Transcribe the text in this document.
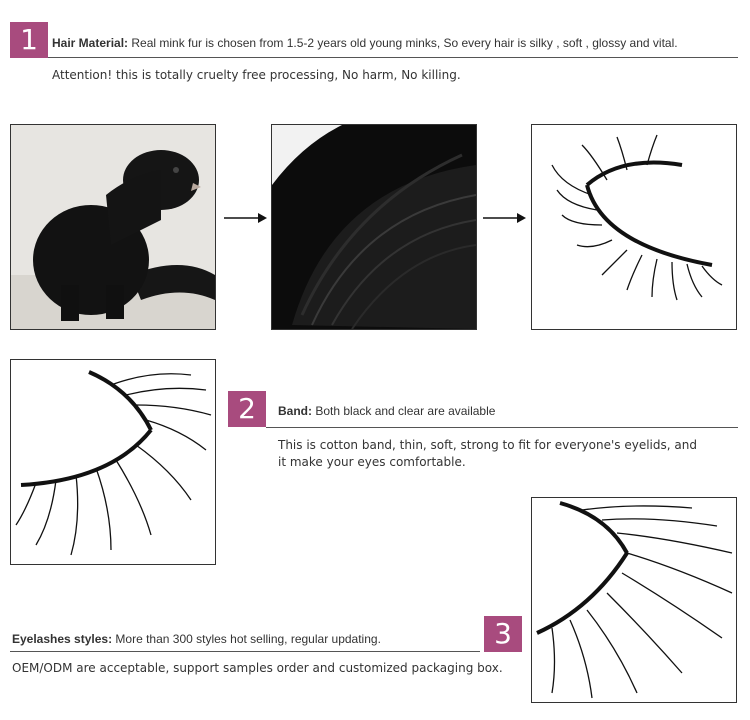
1	Hair Material: Real mink fur is chosen from 1.5-2 years old young minks, So every hair is silky , soft , glossy and vital.
Attention! this is totally cruelty free processing, No harm, No killing.
2	Band: Both black and clear are available
This is cotton band, thin, soft, strong to fit for everyone's eyelids, and
it make your eyes comfortable.
Eyelashes styles: More than 300 styles hot selling, regular updating.	3
OEM/ODM are acceptable, support samples order and customized packaging box.
